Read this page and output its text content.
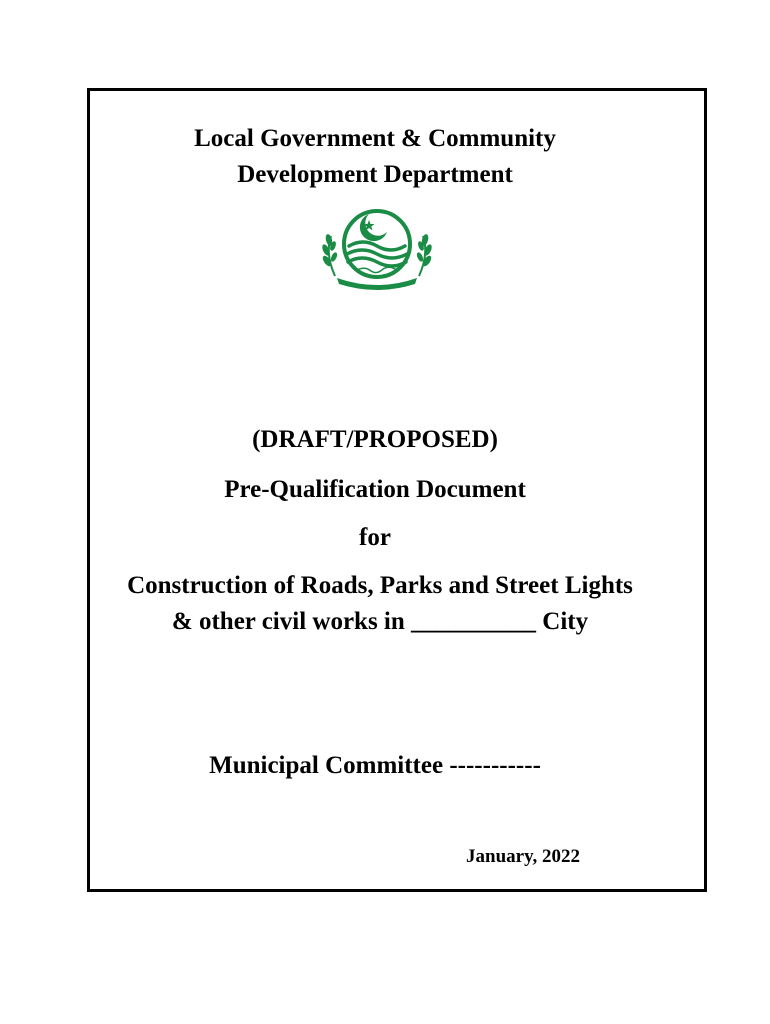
Local Government & Community
Development Department
(DRAFT/PROPOSED)
Pre-Qualification Document
for
Construction of Roads, Parks and Street Lights
& other civil works in __________ City
Municipal Committee -----------
January, 2022
